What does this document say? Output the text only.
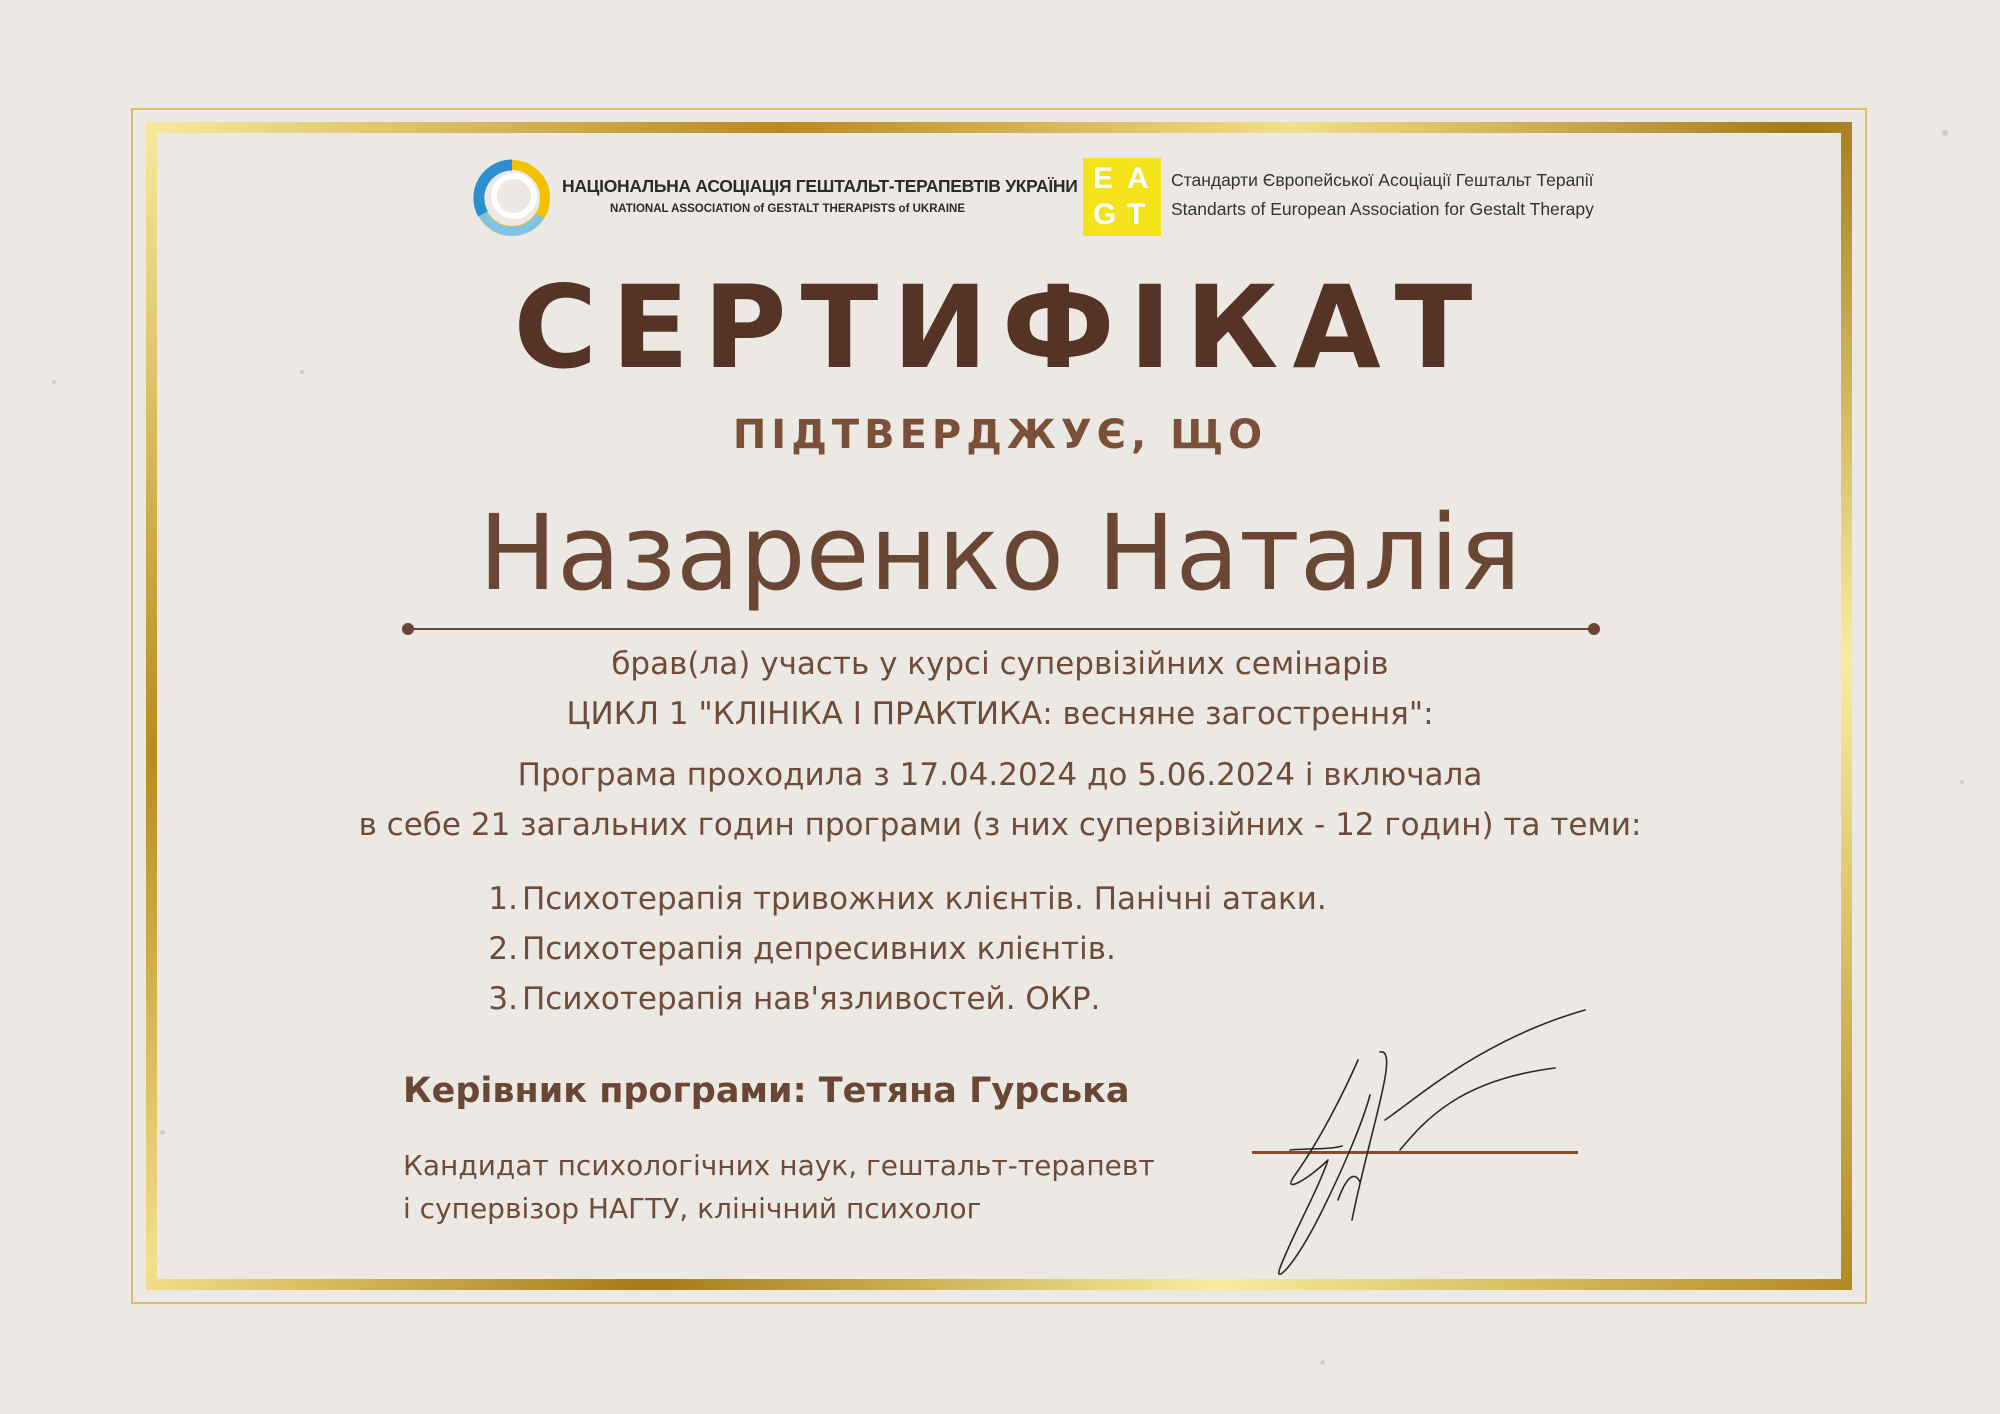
НАЦІОНАЛЬНА АСОЦІАЦІЯ ГЕШТАЛЬТ-ТЕРАПЕВТІВ УКРАЇНИ
NATIONAL ASSOCIATION of GESTALT THERAPISTS of UKRAINE
E A
G T
Стандарти Європейської Асоціації Гештальт Терапії
Standarts of European Association for Gestalt Therapy
СЕРТИФІКАТ
ПІДТВЕРДЖУЄ, ЩО
Назаренко Наталія
брав(ла) участь у курсі супервізійних семінарів
ЦИКЛ 1 "КЛІНІКА І ПРАКТИКА: весняне загострення":
Програма проходила з 17.04.2024 до 5.06.2024 і включала
в себе 21 загальних годин програми (з них супервізійних - 12 годин) та теми:
1. Психотерапія тривожних клієнтів. Панічні атаки.
2. Психотерапія депресивних клієнтів.
3. Психотерапія нав'язливостей. ОКР.
Керівник програми: Тетяна Гурська
Кандидат психологічних наук, гештальт-терапевт
і супервізор НАГТУ, клінічний психолог
